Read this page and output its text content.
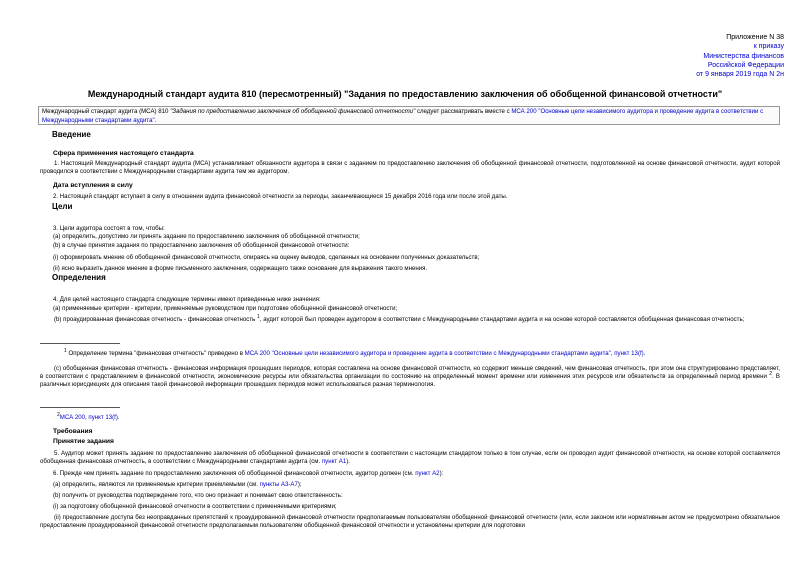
Приложение N 38
к приказу
Министерства финансов
Российской Федерации
от 9 января 2019 года N 2н
Международный стандарт аудита 810 (пересмотренный) "Задания по предоставлению заключения об обобщенной финансовой отчетности"
Международный стандарт аудита (МСА) 810 "Задания по предоставлению заключения об обобщенной финансовой отчетности" следует рассматривать вместе с МСА 200 "Основные цели независимого аудитора и проведение аудита в соответствии с Международными стандартами аудита".
Введение
Сфера применения настоящего стандарта
1. Настоящий Международный стандарт аудита (МСА) устанавливает обязанности аудитора в связи с заданием по предоставлению заключения об обобщенной финансовой отчетности, подготовленной на основе финансовой отчетности, аудит которой проводился в соответствии с Международными стандартами аудита тем же аудитором.
Дата вступления в силу
2. Настоящий стандарт вступает в силу в отношении аудита финансовой отчетности за периоды, заканчивающиеся 15 декабря 2016 года или после этой даты.
Цели
3. Цели аудитора состоят в том, чтобы:
(a) определить, допустимо ли принять задание по предоставлению заключения об обобщенной отчетности;
(b) в случае принятия задания по предоставлению заключения об обобщенной финансовой отчетности:
(i) сформировать мнение об обобщенной финансовой отчетности, опираясь на оценку выводов, сделанных на основании полученных доказательств;
(ii) ясно выразить данное мнение в форме письменного заключения, содержащего также основание для выражения такого мнения.
Определения
4. Для целей настоящего стандарта следующие термины имеют приведенные ниже значения:
(a) применяемые критерии - критерии, применяемые руководством при подготовке обобщенной финансовой отчетности;
(b) проаудированная финансовая отчетность - финансовая отчетность $^1$, аудит которой был проведен аудитором в соответствии с Международными стандартами аудита и на основе которой составляется обобщенная финансовая отчетность;
$^1$ Определение термина "финансовая отчетность" приведено в МСА 200 "Основные цели независимого аудитора и проведение аудита в соответствии с Международными стандартами аудита", пункт 13(f).
(c) обобщенная финансовая отчетность - финансовая информация прошедших периодов, которая составлена на основе финансовой отчетности, но содержит меньше сведений, чем финансовая отчетность, при этом она структурированно представляет, в соответствии с представлением в финансовой отчетности, экономические ресурсы или обязательства организации по состоянию на определенный момент времени или изменения этих ресурсов или обязательств за определенный период времени $^2$. В различных юрисдикциях для описания такой финансовой информации прошедших периодов может использоваться разная терминология.
$^2$МСА 200, пункт 13(f).
Требования
Принятие задания
5. Аудитор может принять задание по предоставлению заключения об обобщенной финансовой отчетности в соответствии с настоящим стандартом только в том случае, если он проводил аудит финансовой отчетности, на основе которой составляется обобщенная финансовая отчетность, в соответствии с Международными стандартами аудита (см. пункт А1).
6. Прежде чем принять задание по предоставлению заключения об обобщенной финансовой отчетности, аудитор должен (см. пункт А2):
(a) определить, являются ли применяемые критерии приемлемыми (см. пункты А3-А7);
(b) получить от руководства подтверждение того, что оно признает и понимает свою ответственность:
(i) за подготовку обобщенной финансовой отчетности в соответствии с применяемыми критериями;
(ii) предоставление доступа без неоправданных препятствий к проаудированной финансовой отчетности предполагаемым пользователям обобщенной финансовой отчетности (или, если законом или нормативным актом не предусмотрено обязательное предоставление проаудированной финансовой отчетности предполагаемым пользователям обобщенной финансовой отчетности и установлены критерии для подготовки
